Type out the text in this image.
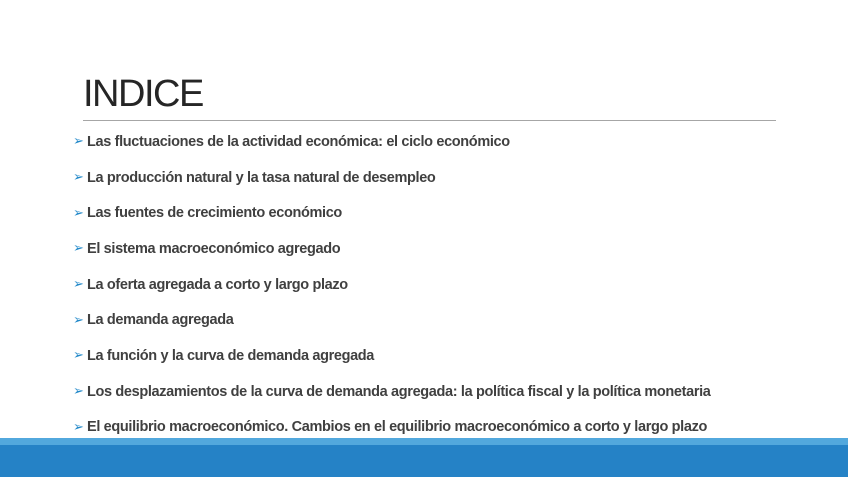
INDICE
➢ Las fluctuaciones de la actividad económica: el ciclo económico
➢ La producción natural y la tasa natural de desempleo
➢ Las fuentes de crecimiento económico
➢ El sistema macroeconómico agregado
➢ La oferta agregada a corto y largo plazo
➢ La demanda agregada
➢ La función y la curva de demanda agregada
➢ Los desplazamientos de la curva de demanda agregada: la política fiscal y la política monetaria
➢ El equilibrio macroeconómico. Cambios en el equilibrio macroeconómico a corto y largo plazo
